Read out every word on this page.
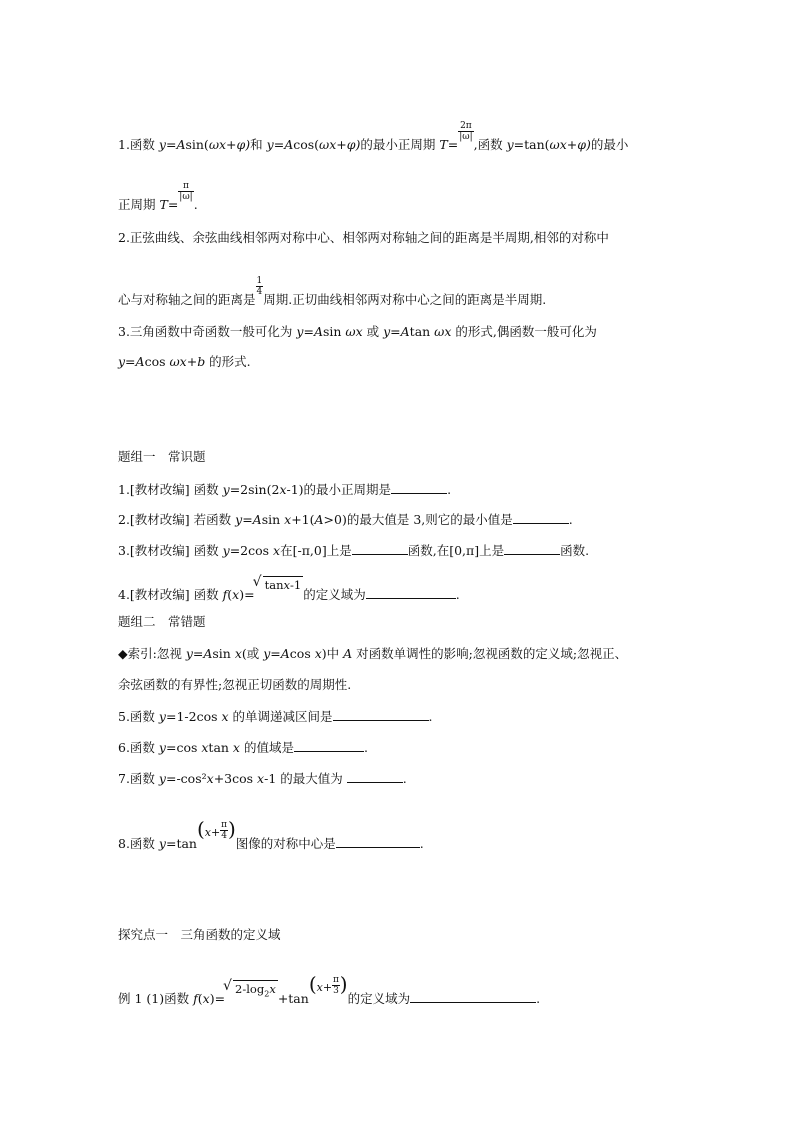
1.函数 y=Asin(ωx+φ)和 y=Acos(ωx+φ)的最小正周期 T=
$\frac{2\pi}{|\omega|}$
,函数 y=tan(ωx+φ)的最小
正周期 T=
$\frac{\pi}{|\omega|}$
.
2.正弦曲线、余弦曲线相邻两对称中心、相邻两对称轴之间的距离是半周期,相邻的对称中
心与对称轴之间的距离是
$\frac{1}{4}$
周期.正切曲线相邻两对称中心之间的距离是半周期.
3.三角函数中奇函数一般可化为 y=Asin ωx 或 y=Atan ωx 的形式,偶函数一般可化为
y=Acos ωx+b 的形式.
题组一　常识题
1.[教材改编] 函数 y=2sin(2x-1)的最小正周期是	.
2.[教材改编] 若函数 y=Asin x+1(A>0)的最大值是 3,则它的最小值是	.
3.[教材改编] 函数 y=2cos x在[-π,0]上是	函数,在[0,π]上是	函数.
4.[教材改编] 函数 f(x)=√ tanx-1的定义域为	.
题组二　常错题
◆索引:忽视 y=Asin x(或 y=Acos x)中 A 对函数单调性的影响;忽视函数的定义域;忽视正、
余弦函数的有界性;忽视正切函数的周期性.
5.函数 y=1-2cos x 的单调递减区间是	.
6.函数 y=cos xtan x 的值域是	.
7.函数 y=-cos²x+3cos x-1 的最大值为	.
8.函数 $y=\tan(x+ \frac{\pi}{4}$ )图像的对称中心是	.
探究点一　三角函数的定义域
例 1 (1)函数 f(x)=√ $2-\log_2x+\tan(x+ \frac{\pi}{3}$ )的定义域为	.
